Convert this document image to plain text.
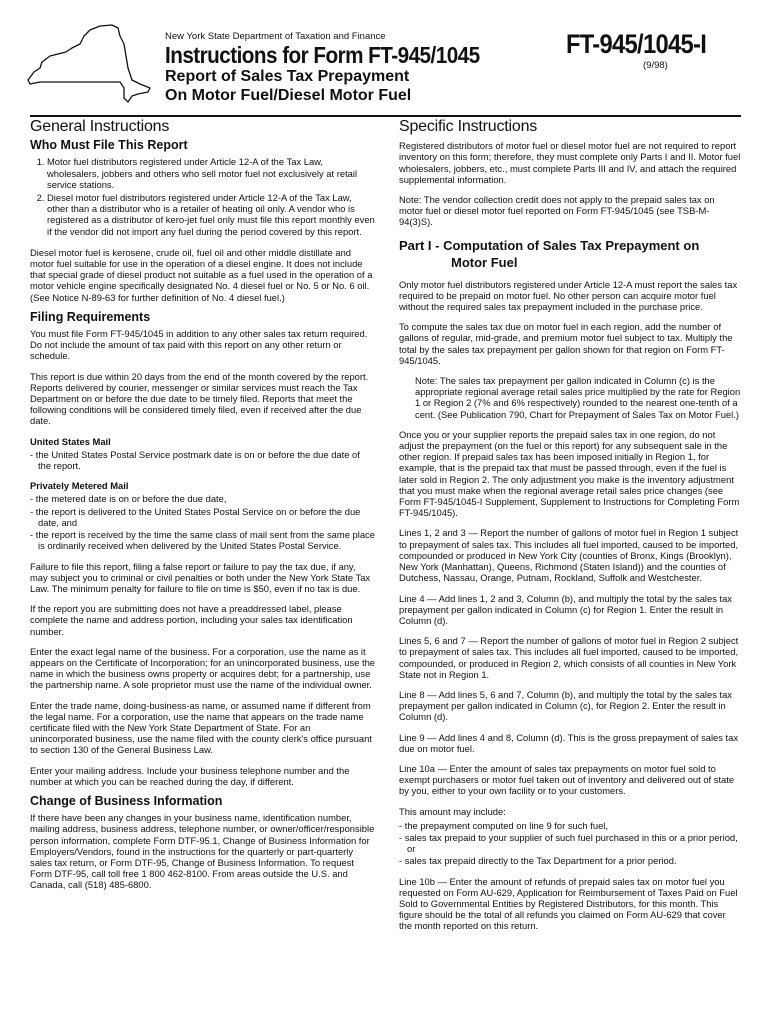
New York State Department of Taxation and Finance
Instructions for Form FT-945/1045
Report of Sales Tax Prepayment
On Motor Fuel/Diesel Motor Fuel
FT-945/1045-I
(9/98)
General Instructions
Who Must File This Report
1. Motor fuel distributors registered under Article 12-A of the Tax Law, wholesalers, jobbers and others who sell motor fuel not exclusively at retail service stations.
2. Diesel motor fuel distributors registered under Article 12-A of the Tax Law, other than a distributor who is a retailer of heating oil only. A vendor who is registered as a distributor of kero-jet fuel only must file this report monthly even if the vendor did not import any fuel during the period covered by this report.

Diesel motor fuel is kerosene, crude oil, fuel oil and other middle distillate and motor fuel suitable for use in the operation of a diesel engine. It does not include that special grade of diesel product not suitable as a fuel used in the operation of a motor vehicle engine specifically designated No. 4 diesel fuel or No. 5 or No. 6 oil. (See Notice N-89-63 for further definition of No. 4 diesel fuel.)

Filing Requirements

You must file Form FT-945/1045 in addition to any other sales tax return required. Do not include the amount of tax paid with this report on any other return or schedule.

This report is due within 20 days from the end of the month covered by the report. Reports delivered by courier, messenger or similar services must reach the Tax Department on or before the due date to be timely filed. Reports that meet the following conditions will be considered timely filed, even if received after the due date.

United States Mail
- the United States Postal Service postmark date is on or before the due date of the report.
Privately Metered Mail
- the metered date is on or before the due date,
- the report is delivered to the United States Postal Service on or before the due date, and
- the report is received by the time the same class of mail sent from the same place is ordinarily received when delivered by the United States Postal Service.

Failure to file this report, filing a false report or failure to pay the tax due, if any, may subject you to criminal or civil penalties or both under the New York State Tax Law. The minimum penalty for failure to file on time is $50, even if no tax is due.

If the report you are submitting does not have a preaddressed label, please complete the name and address portion, including your sales tax identification number.

Enter the exact legal name of the business. For a corporation, use the name as it appears on the Certificate of Incorporation; for an unincorporated business, use the name in which the business owns property or acquires debt; for a partnership, use the partnership name. A sole proprietor must use the name of the individual owner.

Enter the trade name, doing-business-as name, or assumed name if different from the legal name. For a corporation, use the name that appears on the trade name certificate filed with the New York State Department of State. For an unincorporated business, use the name filed with the county clerk's office pursuant to section 130 of the General Business Law.

Enter your mailing address. Include your business telephone number and the number at which you can be reached during the day, if different.

Change of Business Information

If there have been any changes in your business name, identification number, mailing address, business address, telephone number, or owner/officer/responsible person information, complete Form DTF-95.1, Change of Business Information for Employers/Vendors, found in the instructions for the quarterly or part-quarterly sales tax return, or Form DTF-95, Change of Business Information. To request Form DTF-95, call toll free 1 800 462-8100. From areas outside the U.S. and Canada, call (518) 485-6800.

Specific Instructions

Registered distributors of motor fuel or diesel motor fuel are not required to report inventory on this form; therefore, they must complete only Parts I and II. Motor fuel wholesalers, jobbers, etc., must complete Parts III and IV, and attach the required supplemental information.

Note: The vendor collection credit does not apply to the prepaid sales tax on motor fuel or diesel motor fuel reported on Form FT-945/1045 (see TSB-M-94(3)S).

Part I - Computation of Sales Tax Prepayment on
Motor Fuel

Only motor fuel distributors registered under Article 12-A must report the sales tax required to be prepaid on motor fuel. No other person can acquire motor fuel without the required sales tax prepayment included in the purchase price.

To compute the sales tax due on motor fuel in each region, add the number of gallons of regular, mid-grade, and premium motor fuel subject to tax. Multiply the total by the sales tax prepayment per gallon shown for that region on Form FT-945/1045.

Note: The sales tax prepayment per gallon indicated in Column (c) is the appropriate regional average retail sales price multiplied by the rate for Region 1 or Region 2 (7% and 6% respectively) rounded to the nearest one-tenth of a cent. (See Publication 790, Chart for Prepayment of Sales Tax on Motor Fuel.)

Once you or your supplier reports the prepaid sales tax in one region, do not adjust the prepayment (on the fuel or this report) for any subsequent sale in the other region. If prepaid sales tax has been imposed initially in Region 1, for example, that is the prepaid tax that must be passed through, even if the fuel is later sold in Region 2. The only adjustment you make is the inventory adjustment that you must make when the regional average retail sales price changes (see Form FT-945/1045-I Supplement, Supplement to Instructions for Completing Form FT-945/1045).

Lines 1, 2 and 3 — Report the number of gallons of motor fuel in Region 1 subject to prepayment of sales tax. This includes all fuel imported, caused to be imported, compounded or produced in New York City (counties of Bronx, Kings (Brooklyn), New York (Manhattan), Queens, Richmond (Staten Island)) and the counties of Dutchess, Nassau, Orange, Putnam, Rockland, Suffolk and Westchester.

Line 4 — Add lines 1, 2 and 3, Column (b), and multiply the total by the sales tax prepayment per gallon indicated in Column (c) for Region 1. Enter the result in Column (d).

Lines 5, 6 and 7 — Report the number of gallons of motor fuel in Region 2 subject to prepayment of sales tax. This includes all fuel imported, caused to be imported, compounded, or produced in Region 2, which consists of all counties in New York State not in Region 1.

Line 8 — Add lines 5, 6 and 7, Column (b), and multiply the total by the sales tax prepayment per gallon indicated in Column (c), for Region 2. Enter the result in Column (d).

Line 9 — Add lines 4 and 8, Column (d). This is the gross prepayment of sales tax due on motor fuel.

Line 10a — Enter the amount of sales tax prepayments on motor fuel sold to exempt purchasers or motor fuel taken out of inventory and delivered out of state by you, either to your own facility or to your customers.

This amount may include:

- the prepayment computed on line 9 for such fuel,
- sales tax prepaid to your supplier of such fuel purchased in this or a prior period, or
- sales tax prepaid directly to the Tax Department for a prior period.

Line 10b — Enter the amount of refunds of prepaid sales tax on motor fuel you requested on Form AU-629, Application for Reimbursement of Taxes Paid on Fuel Sold to Governmental Entities by Registered Distributors, for this month. This figure should be the total of all refunds you claimed on Form AU-629 that cover the month reported on this return.
